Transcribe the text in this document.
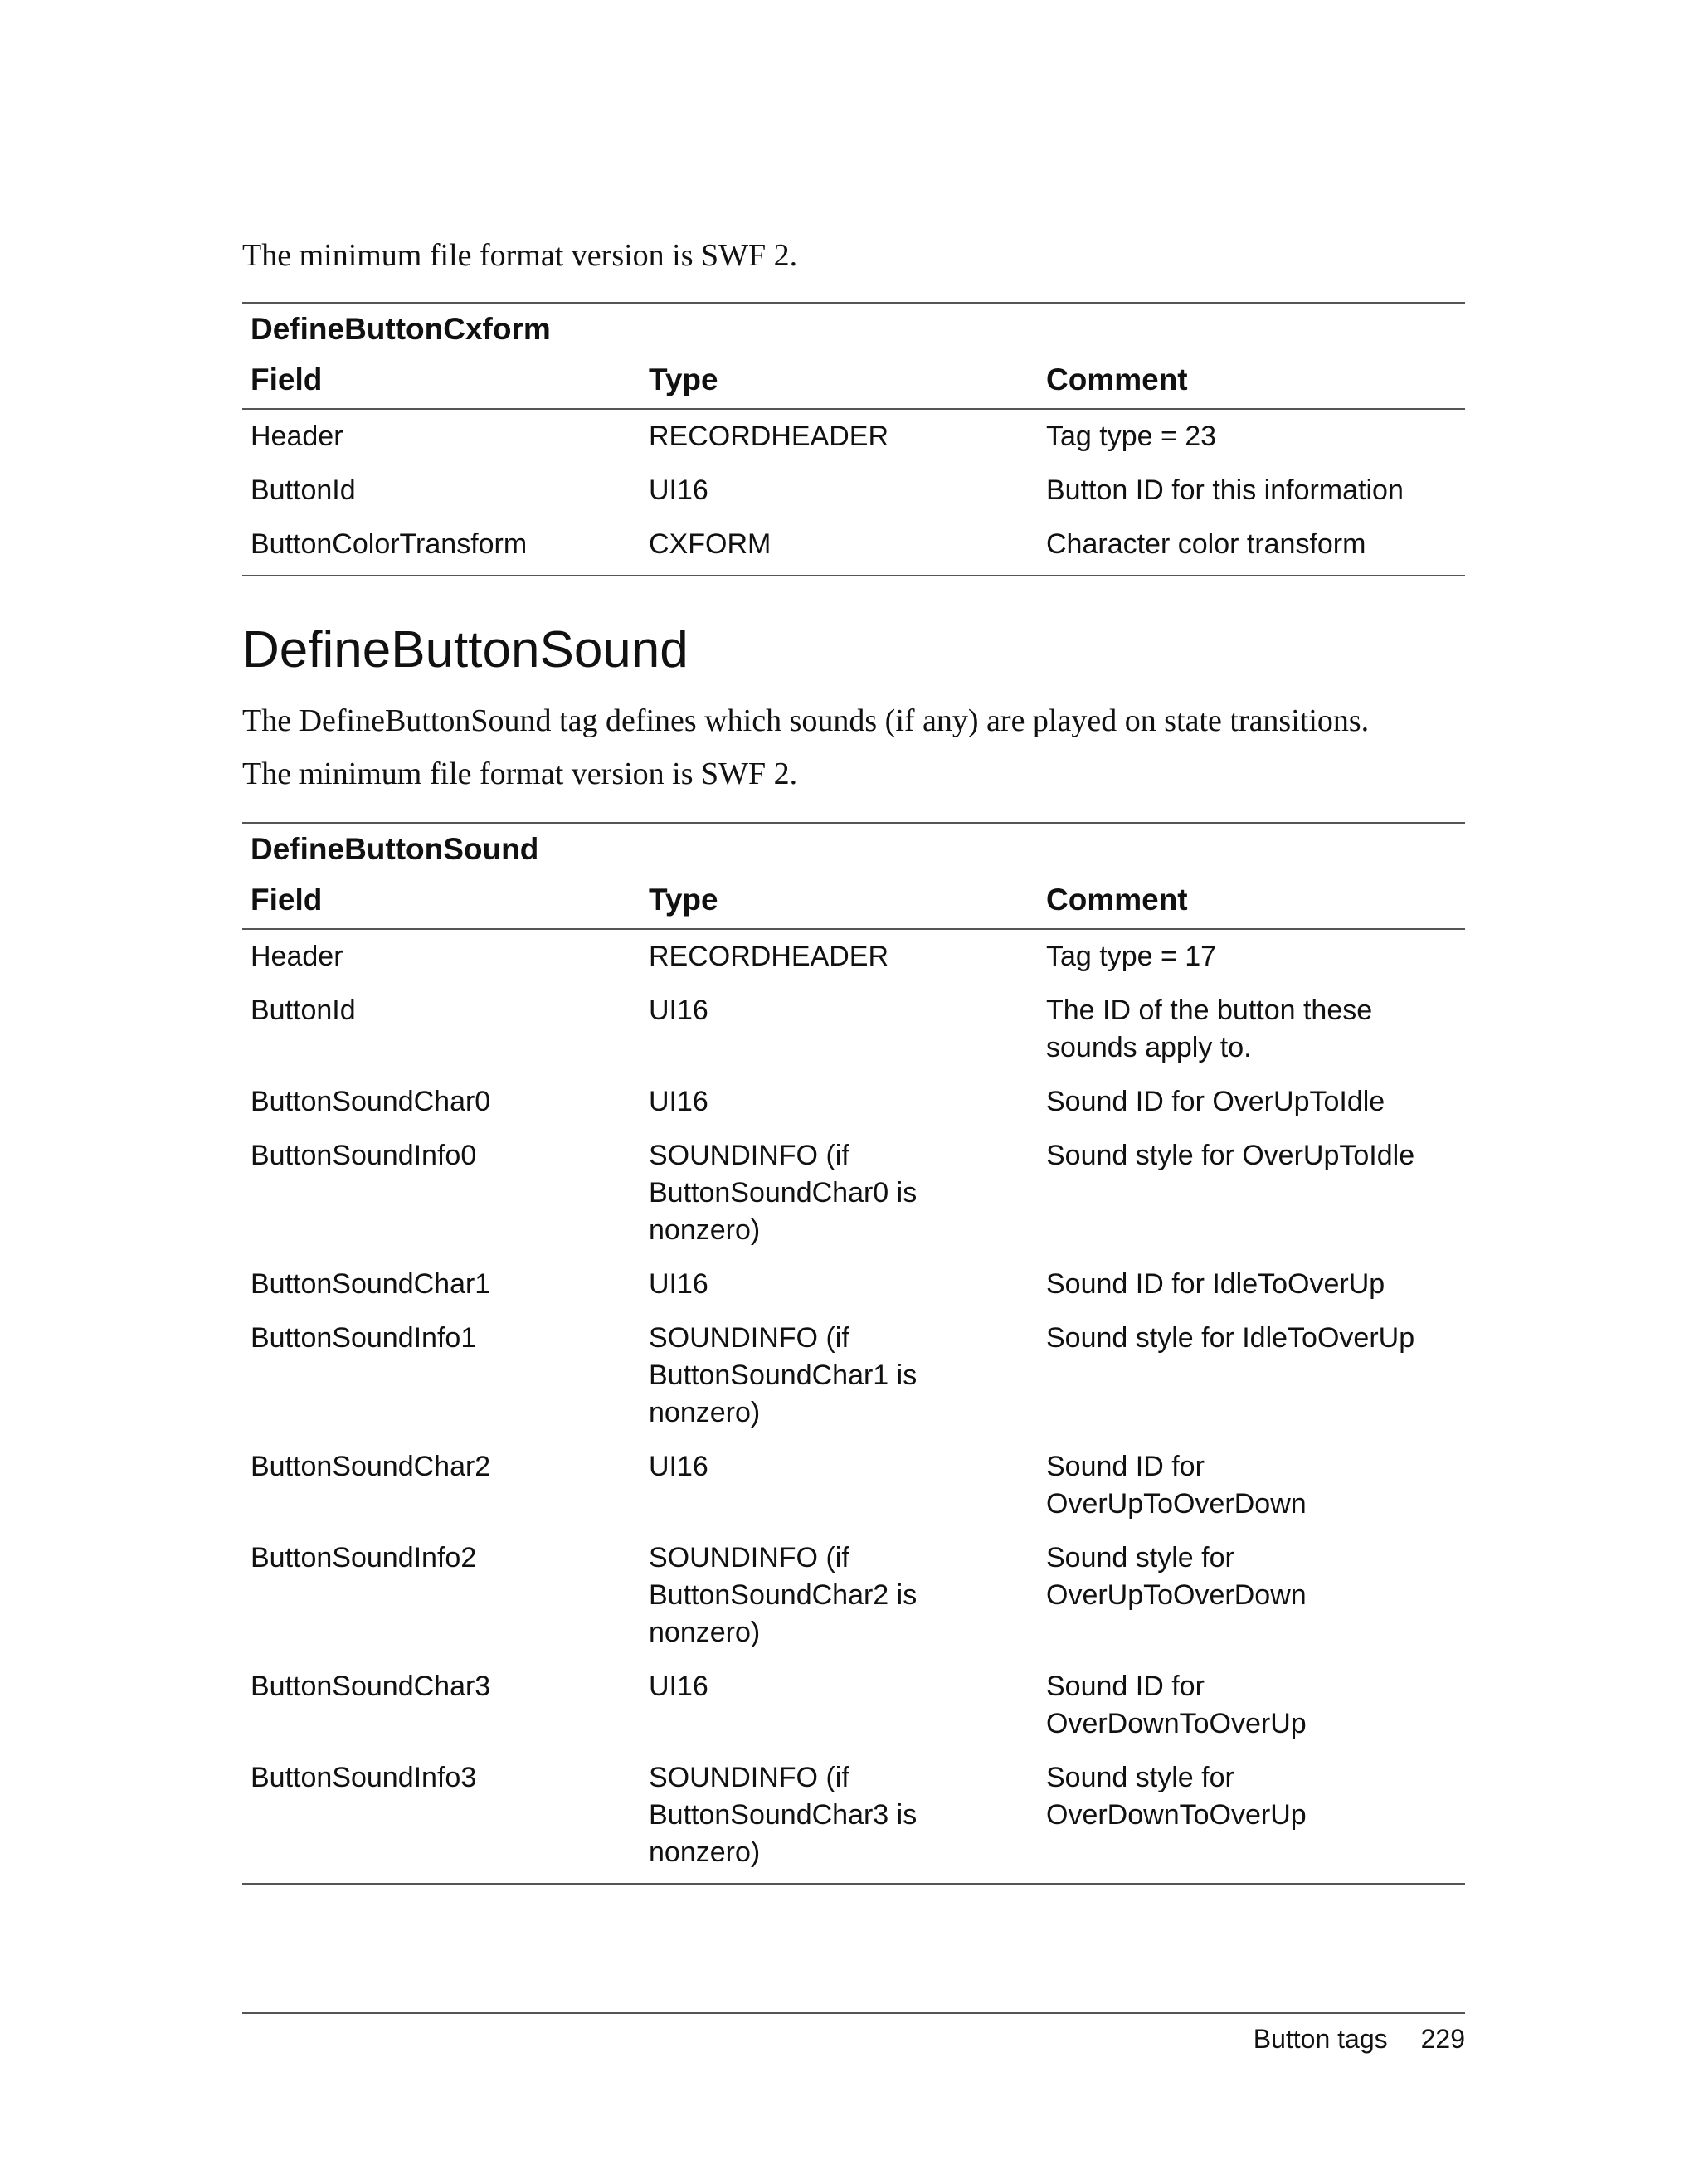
The minimum file format version is SWF 2.

DefineButtonCxform		
Field	Type	Comment
Header	RECORDHEADER	Tag type = 23
ButtonId	UI16	Button ID for this information
ButtonColorTransform	CXFORM	Character color transform
DefineButtonSound

The DefineButtonSound tag defines which sounds (if any) are played on state transitions.

The minimum file format version is SWF 2.

DefineButtonSound		
Field	Type	Comment
Header	RECORDHEADER	Tag type = 17
ButtonId	UI16	The ID of the button these sounds apply to.
ButtonSoundChar0	UI16	Sound ID for OverUpToIdle
ButtonSoundInfo0	SOUNDINFO (if ButtonSoundChar0 is nonzero)	Sound style for OverUpToIdle
ButtonSoundChar1	UI16	Sound ID for IdleToOverUp
ButtonSoundInfo1	SOUNDINFO (if ButtonSoundChar1 is nonzero)	Sound style for IdleToOverUp
ButtonSoundChar2	UI16	Sound ID for OverUpToOverDown
ButtonSoundInfo2	SOUNDINFO (if ButtonSoundChar2 is nonzero)	Sound style for OverUpToOverDown
ButtonSoundChar3	UI16	Sound ID for OverDownToOverUp
ButtonSoundInfo3	SOUNDINFO (if ButtonSoundChar3 is nonzero)	Sound style for OverDownToOverUp
Button tags 229
